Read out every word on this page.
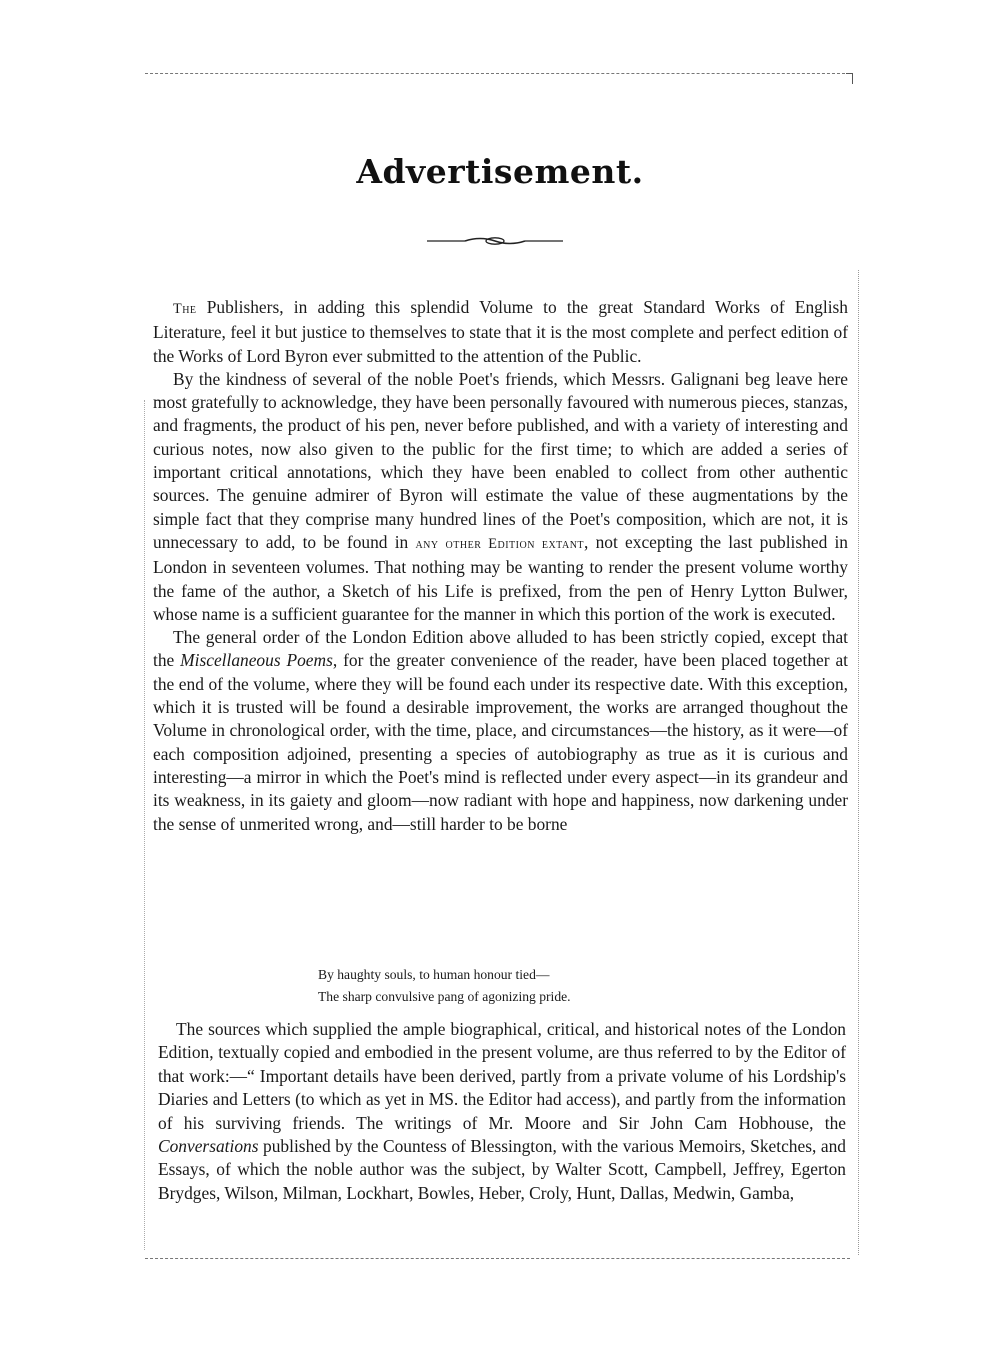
Advertisement.

The Publishers, in adding this splendid Volume to the great Standard Works of English Literature, feel it but justice to themselves to state that it is the most complete and perfect edition of the Works of Lord Byron ever submitted to the attention of the Public.

By the kindness of several of the noble Poet's friends, which Messrs. Galignani beg leave here most gratefully to acknowledge, they have been personally favoured with numerous pieces, stanzas, and fragments, the product of his pen, never before published, and with a variety of interesting and curious notes, now also given to the public for the first time; to which are added a series of important critical annotations, which they have been enabled to collect from other authentic sources. The genuine admirer of Byron will estimate the value of these augmentations by the simple fact that they comprise many hundred lines of the Poet's composition, which are not, it is unnecessary to add, to be found in any other Edition extant, not excepting the last published in London in seventeen volumes. That nothing may be wanting to render the present volume worthy the fame of the author, a Sketch of his Life is prefixed, from the pen of Henry Lytton Bulwer, whose name is a sufficient guarantee for the manner in which this portion of the work is executed.

The general order of the London Edition above alluded to has been strictly copied, except that the Miscellaneous Poems, for the greater convenience of the reader, have been placed together at the end of the volume, where they will be found each under its respective date. With this exception, which it is trusted will be found a desirable improvement, the works are arranged thoughout the Volume in chronological order, with the time, place, and circumstances—the history, as it were—of each composition adjoined, presenting a species of autobiography as true as it is curious and interesting—a mirror in which the Poet's mind is reflected under every aspect—in its grandeur and its weakness, in its gaiety and gloom—now radiant with hope and happiness, now darkening under the sense of unmerited wrong, and—still harder to be borne

By haughty souls, to human honour tied—
The sharp convulsive pang of agonizing pride.

The sources which supplied the ample biographical, critical, and historical notes of the London Edition, textually copied and embodied in the present volume, are thus referred to by the Editor of that work:—“ Important details have been derived, partly from a private volume of his Lordship's Diaries and Letters (to which as yet in MS. the Editor had access), and partly from the information of his surviving friends. The writings of Mr. Moore and Sir John Cam Hobhouse, the Conversations published by the Countess of Blessington, with the various Memoirs, Sketches, and Essays, of which the noble author was the subject, by Walter Scott, Campbell, Jeffrey, Egerton Brydges, Wilson, Milman, Lockhart, Bowles, Heber, Croly, Hunt, Dallas, Medwin, Gamba,
